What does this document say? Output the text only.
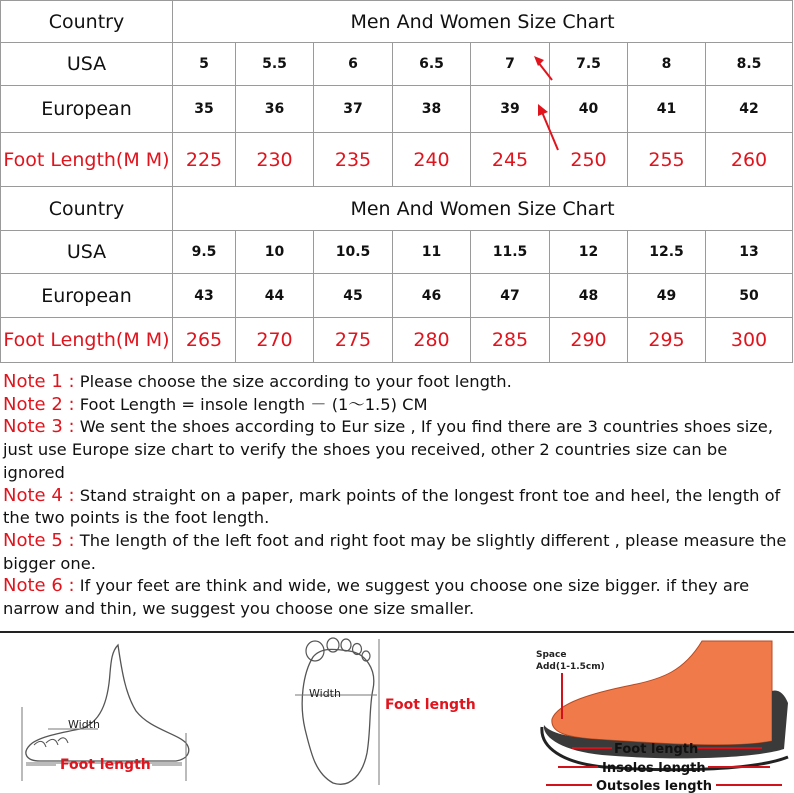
Country	Men And Women Size Chart							
USA	5	5.5	6	6.5	7	7.5	8	8.5
European	35	36	37	38	39	40	41	42
Foot Length(M M)	225	230	235	240	245	250	255	260
Country	Men And Women Size Chart							
USA	9.5	10	10.5	11	11.5	12	12.5	13
European	43	44	45	46	47	48	49	50
Foot Length(M M)	265	270	275	280	285	290	295	300

Note 1 : Please choose the size according to your foot length.

Note 2 : Foot Length = insole length － (1～1.5) CM

Note 3 : We sent the shoes according to Eur size , If you find there are 3 countries shoes size, just use Europe size chart to verify the shoes you received, other 2 countries size can be ignored

Note 4 : Stand straight on a paper, mark points of the longest front toe and heel, the length of the two points is the foot length.

Note 5 : The length of the left foot and right foot may be slightly different , please measure the bigger one.

Note 6 : If your feet are think and wide, we suggest you choose one size bigger. if they are narrow and thin, we suggest you choose one size smaller.

Width
Foot length
Width
Foot length
Space
Add(1-1.5cm)
Foot length
Insoles length
Outsoles length
